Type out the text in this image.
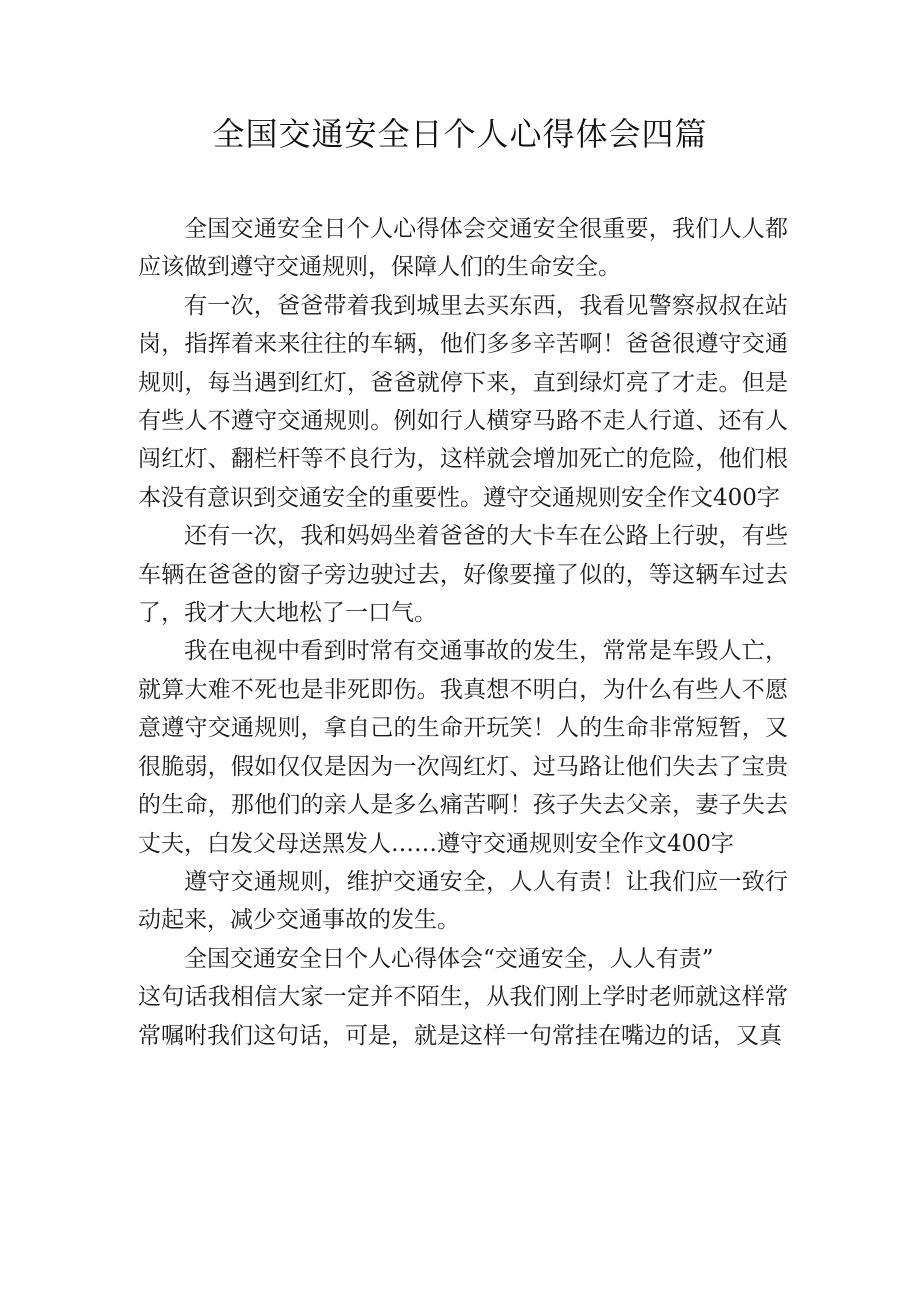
全国交通安全日个人心得体会四篇

全国交通安全日个人心得体会交通安全很重要，我们人人都应该做到遵守交通规则，保障人们的生命安全。

有一次，爸爸带着我到城里去买东西，我看见警察叔叔在站岗，指挥着来来往往的车辆，他们多多辛苦啊！爸爸很遵守交通规则，每当遇到红灯，爸爸就停下来，直到绿灯亮了才走。但是有些人不遵守交通规则。例如行人横穿马路不走人行道、还有人闯红灯、翻栏杆等不良行为，这样就会增加死亡的危险，他们根本没有意识到交通安全的重要性。遵守交通规则安全作文400字

还有一次，我和妈妈坐着爸爸的大卡车在公路上行驶，有些车辆在爸爸的窗子旁边驶过去，好像要撞了似的，等这辆车过去了，我才大大地松了一口气。

我在电视中看到时常有交通事故的发生，常常是车毁人亡，就算大难不死也是非死即伤。我真想不明白，为什么有些人不愿意遵守交通规则，拿自己的生命开玩笑！人的生命非常短暂，又很脆弱，假如仅仅是因为一次闯红灯、过马路让他们失去了宝贵的生命，那他们的亲人是多么痛苦啊！孩子失去父亲，妻子失去丈夫，白发父母送黑发人……遵守交通规则安全作文400字

遵守交通规则，维护交通安全，人人有责！让我们应一致行动起来，减少交通事故的发生。

全国交通安全日个人心得体会“交通安全，人人有责”

这句话我相信大家一定并不陌生，从我们刚上学时老师就这样常常嘱咐我们这句话，可是，就是这样一句常挂在嘴边的话，又真
